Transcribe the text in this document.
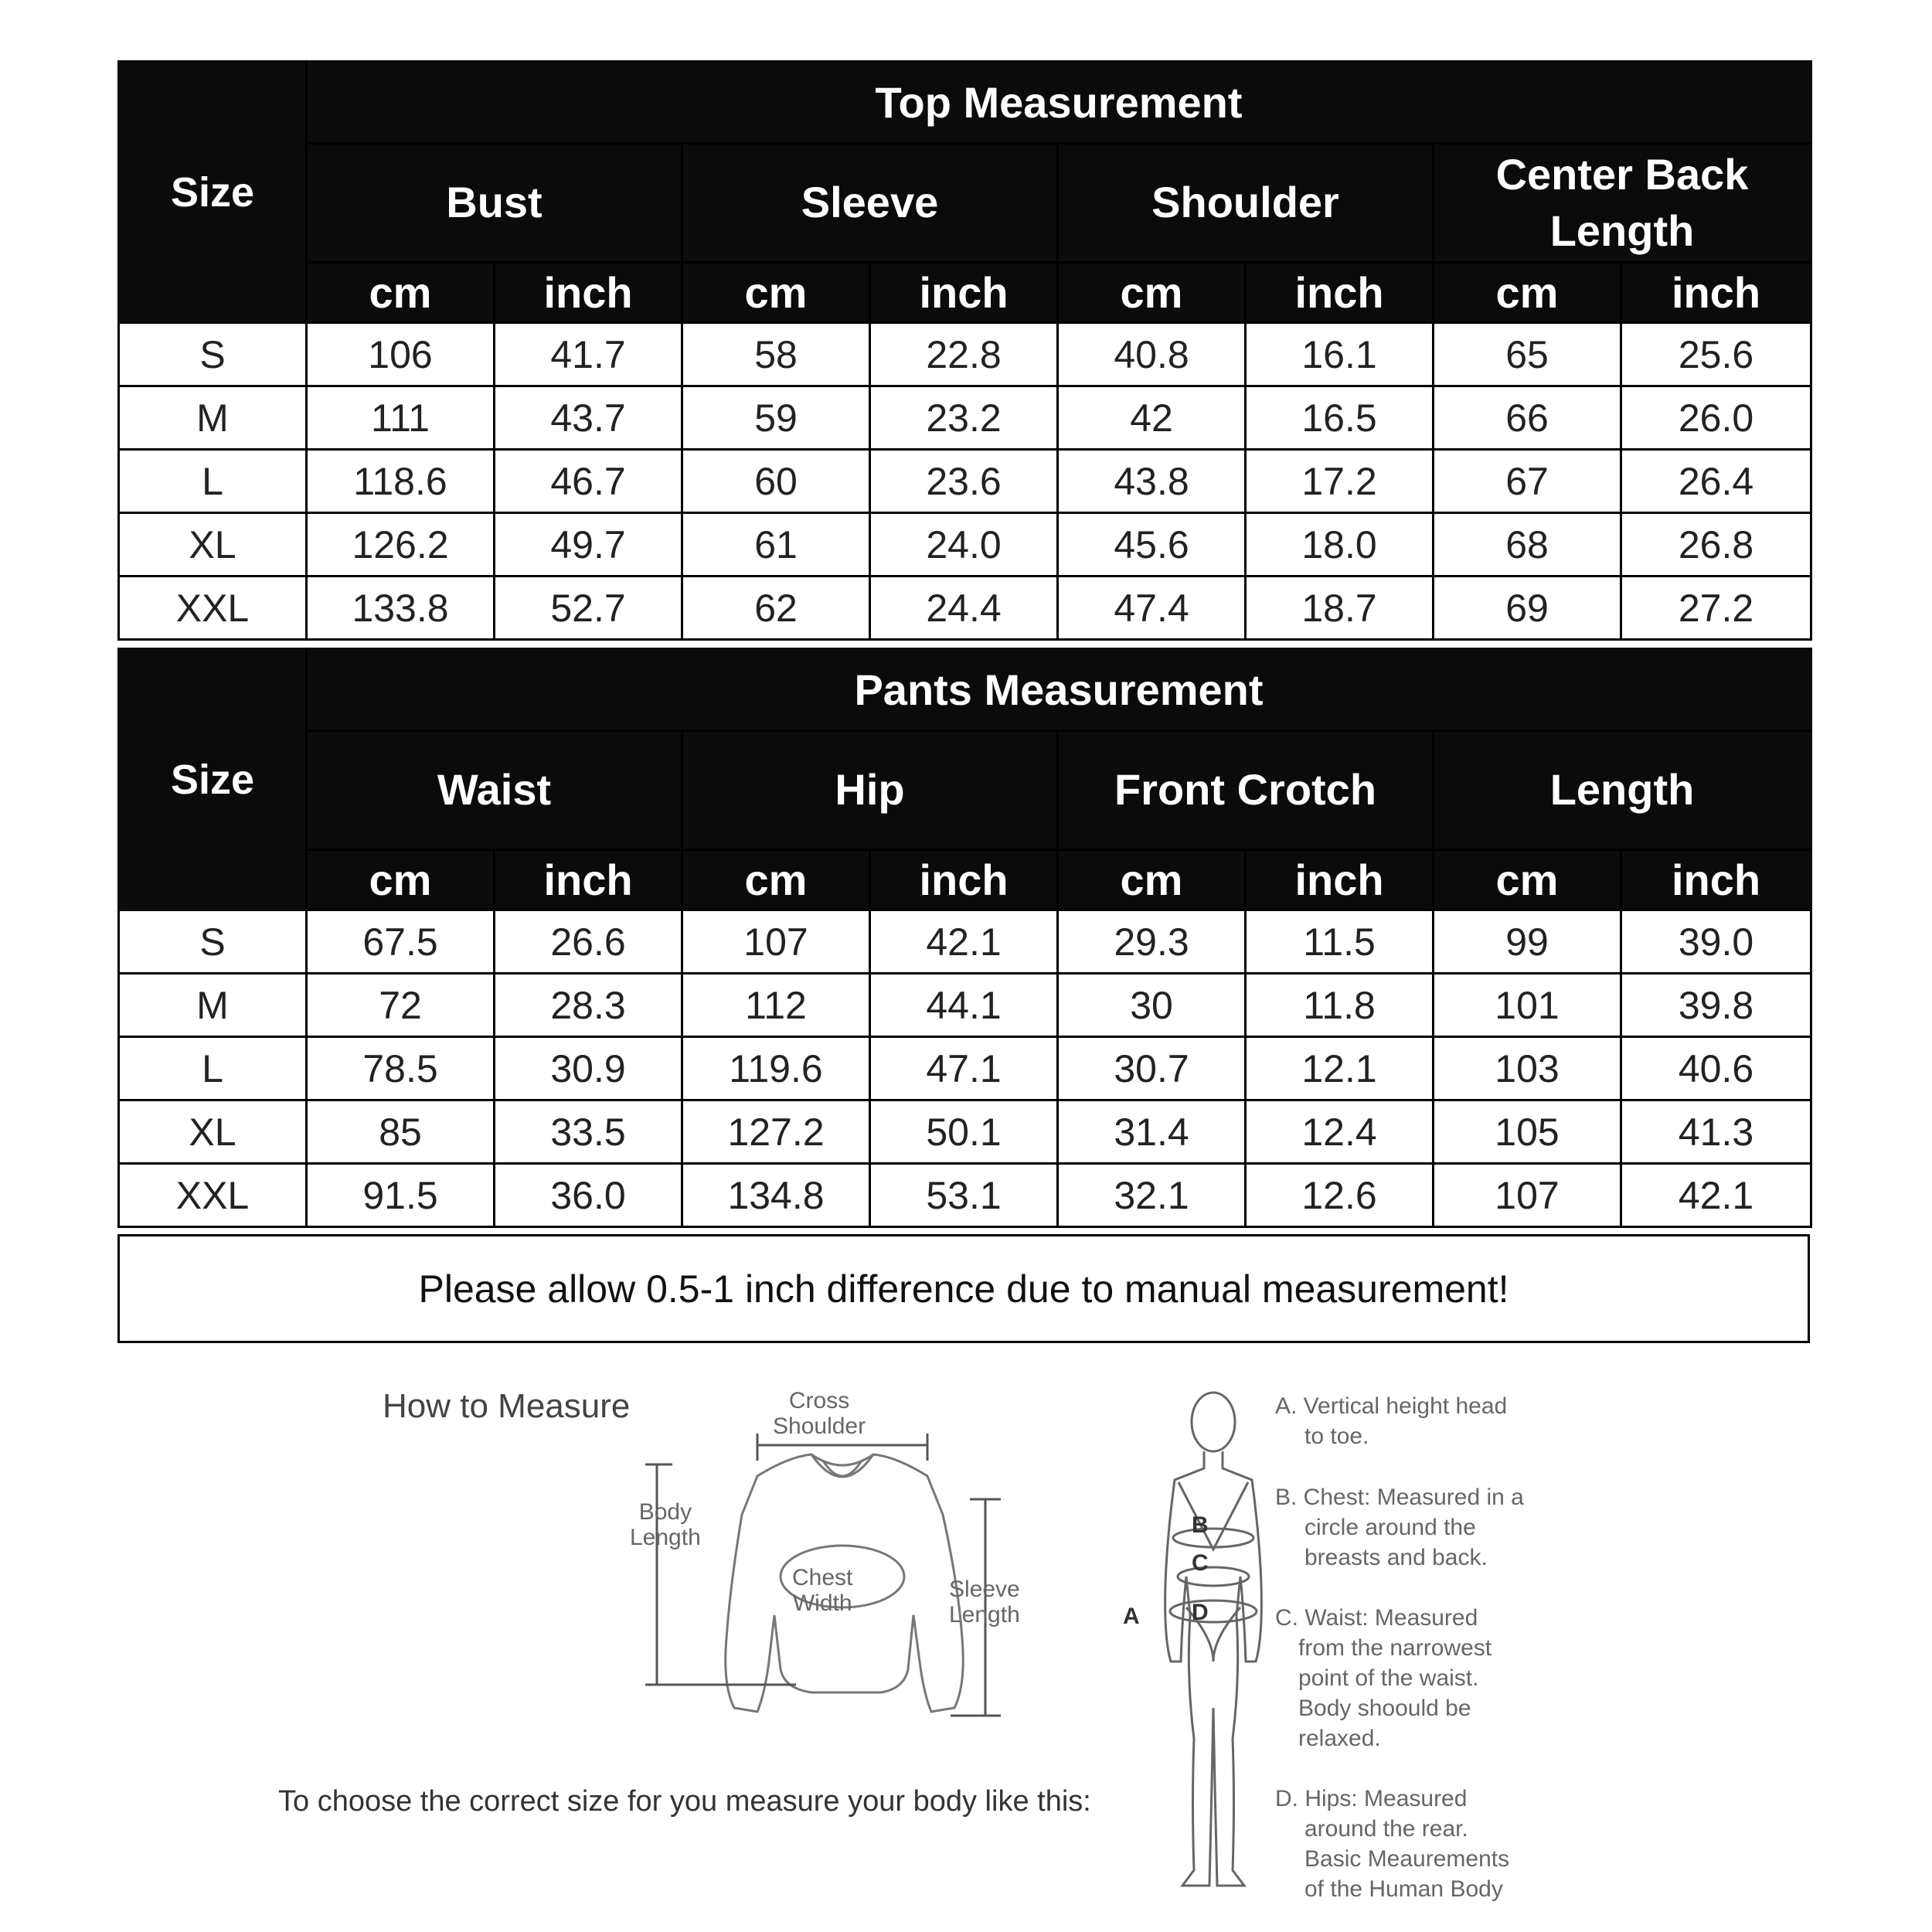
Size	Top Measurement							
	Bust		Sleeve		Shoulder		Center Back Length	
	cm	inch	cm	inch	cm	inch	cm	inch
S	106	41.7	58	22.8	40.8	16.1	65	25.6
M	111	43.7	59	23.2	42	16.5	66	26.0
L	118.6	46.7	60	23.6	43.8	17.2	67	26.4
XL	126.2	49.7	61	24.0	45.6	18.0	68	26.8
XXL	133.8	52.7	62	24.4	47.4	18.7	69	27.2
Size	Pants Measurement							
	Waist		Hip		Front Crotch		Length	
	cm	inch	cm	inch	cm	inch	cm	inch
S	67.5	26.6	107	42.1	29.3	11.5	99	39.0
M	72	28.3	112	44.1	30	11.8	101	39.8
L	78.5	30.9	119.6	47.1	30.7	12.1	103	40.6
XL	85	33.5	127.2	50.1	31.4	12.4	105	41.3
XXL	91.5	36.0	134.8	53.1	32.1	12.6	107	42.1
Please allow 0.5-1 inch difference due to manual measurement!
How to Measure	Cross
Shoulder
Body
Length
Chest
Width
Sleeve
Length	A
B
C
D
A. Vertical height head
to toe.
B. Chest: Measured in a
circle around the
breasts and back.
C. Waist: Measured
from the narrowest
point of the waist.
Body shoould be
relaxed.
D. Hips: Measured
around the rear.
Basic Meaurements
of the Human Body
To choose the correct size for you measure your body like this:
